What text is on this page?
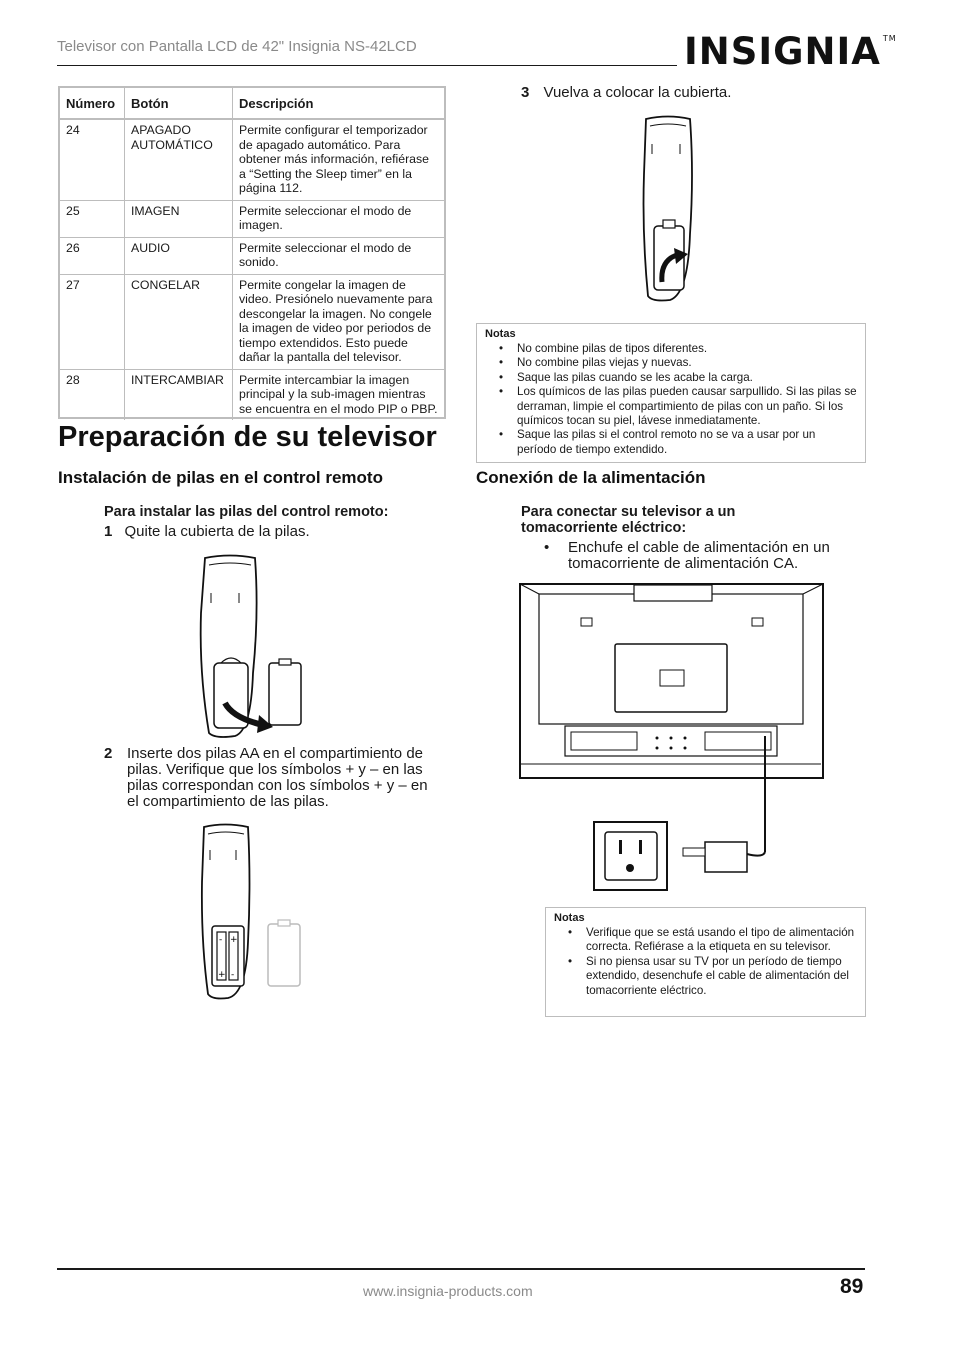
Televisor con Pantalla LCD de 42" Insignia NS-42LCD	INSIGNIA ™
Número	Botón	Descripción
24	APAGADO AUTOMÁTICO	Permite configurar el temporizador de apagado automático. Para obtener más información, refiérase a “Setting the Sleep timer” en la página 112.
25	IMAGEN	Permite seleccionar el modo de imagen.
26	AUDIO	Permite seleccionar el modo de sonido.
27	CONGELAR	Permite congelar la imagen de video. Presiónelo nuevamente para descongelar la imagen. No congele la imagen de video por periodos de tiempo extendidos. Esto puede dañar la pantalla del televisor.
28	INTERCAMBIAR	Permite intercambiar la imagen principal y la sub-imagen mientras se encuentra en el modo PIP o PBP.
Preparación de su televisor
Instalación de pilas en el control remoto
Para instalar las pilas del control remoto:
1 Quite la cubierta de la pilas.
2 Inserte dos pilas AA en el compartimiento de
pilas. Verifique que los símbolos + y – en las
pilas correspondan con los símbolos + y – en
el compartimiento de las pilas.
- +
+ -
3 Vuelva a colocar la cubierta.
Notas
• No combine pilas de tipos diferentes.
• No combine pilas viejas y nuevas.
• Saque las pilas cuando se les acabe la carga.
• Los químicos de las pilas pueden causar sarpullido. Si las pilas se derraman, limpie el compartimiento de pilas con un paño. Si los químicos tocan su piel, lávese inmediatamente.
• Saque las pilas si el control remoto no se va a usar por un período de tiempo extendido.
Conexión de la alimentación
Para conectar su televisor a un
tomacorriente eléctrico:
• Enchufe el cable de alimentación en un
tomacorriente de alimentación CA.
Notas
• Verifique que se está usando el tipo de alimentación correcta. Refiérase a la etiqueta en su televisor.
• Si no piensa usar su TV por un período de tiempo extendido, desenchufe el cable de alimentación del tomacorriente eléctrico.
www.insignia-products.com	89
